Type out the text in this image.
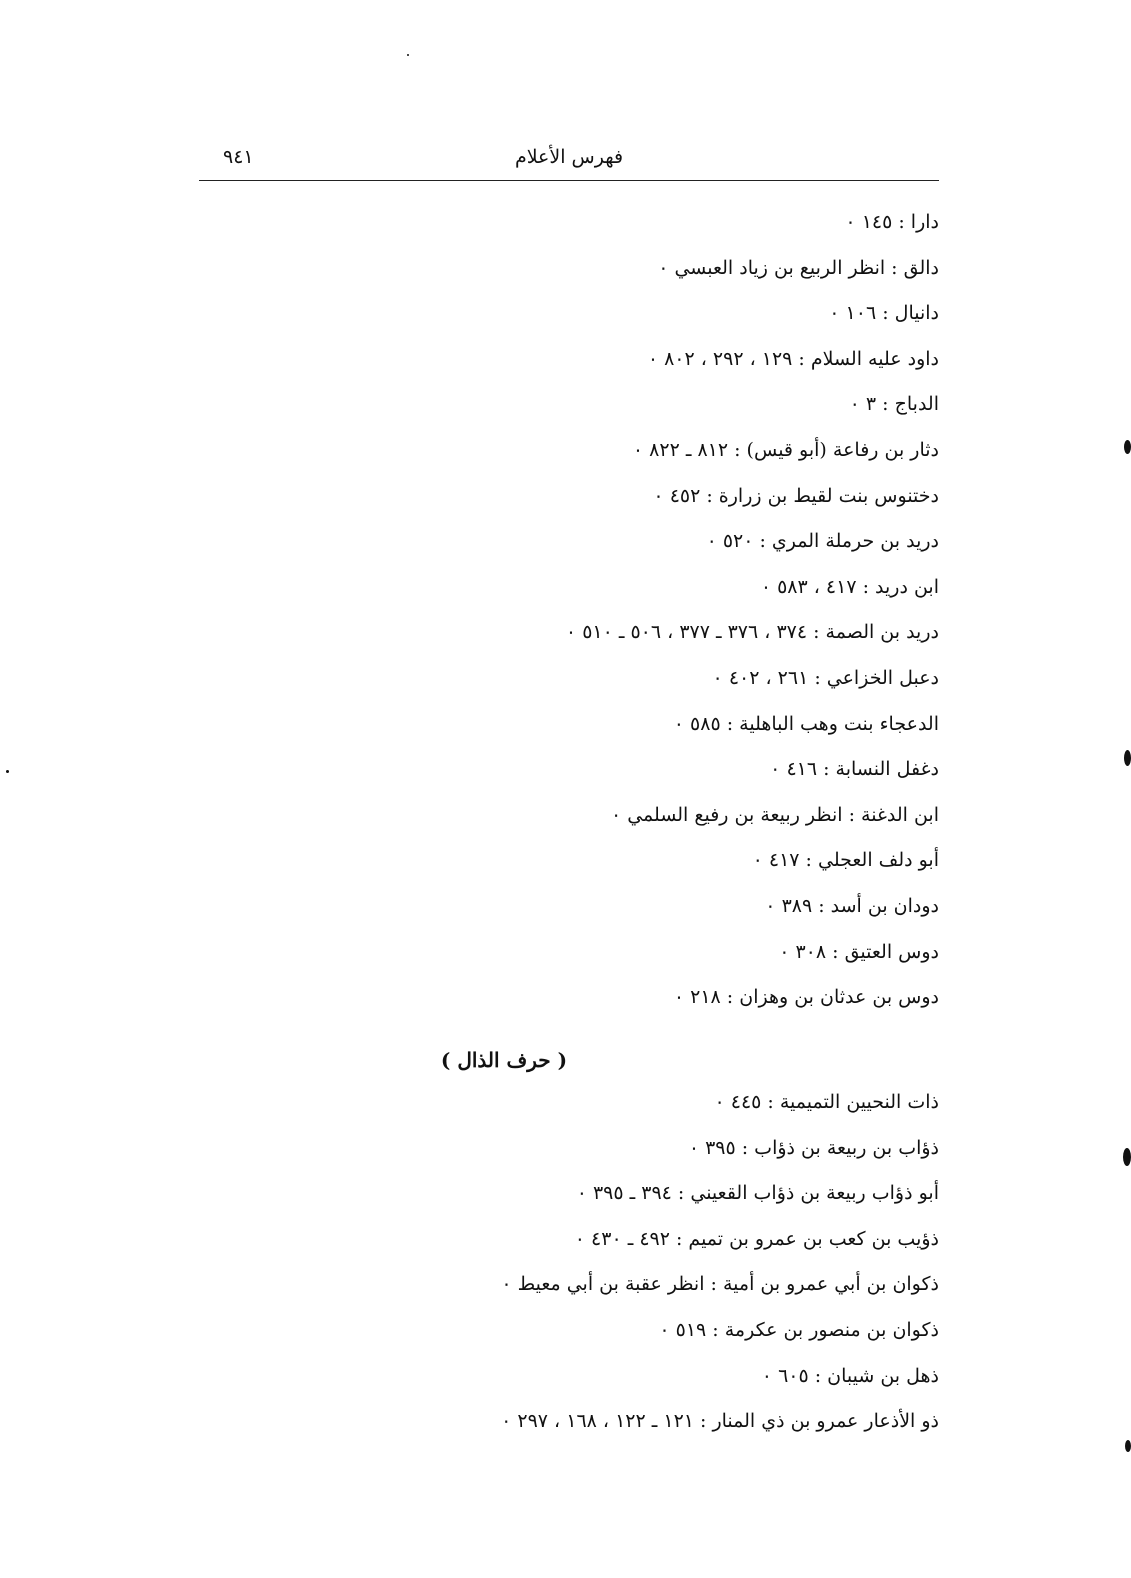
٩٤١	فهرس الأعلام
دارا : ١٤٥ ٠
دالق : انظر الربيع بن زياد العبسي ٠
دانيال : ١٠٦ ٠
داود عليه السلام : ١٢٩ ، ٢٩٢ ، ٨٠٢ ٠
الدباج : ٣ ٠
دثار بن رفاعة (أبو قيس) : ٨١٢ ـ ٨٢٢ ٠
دختنوس بنت لقيط بن زرارة : ٤٥٢ ٠
دريد بن حرملة المري : ٥٢٠ ٠
ابن دريد : ٤١٧ ، ٥٨٣ ٠
دريد بن الصمة : ٣٧٤ ، ٣٧٦ ـ ٣٧٧ ، ٥٠٦ ـ ٥١٠ ٠
دعبل الخزاعي : ٢٦١ ، ٤٠٢ ٠
الدعجاء بنت وهب الباهلية : ٥٨٥ ٠
دغفل النسابة : ٤١٦ ٠
ابن الدغنة : انظر ربيعة بن رفيع السلمي ٠
أبو دلف العجلي : ٤١٧ ٠
دودان بن أسد : ٣٨٩ ٠
دوس العتيق : ٣٠٨ ٠
دوس بن عدثان بن وهزان : ٢١٨ ٠
( حرف الذال )
ذات النحيين التميمية : ٤٤٥ ٠
ذؤاب بن ربيعة بن ذؤاب : ٣٩٥ ٠
أبو ذؤاب ربيعة بن ذؤاب القعيني : ٣٩٤ ـ ٣٩٥ ٠
ذؤيب بن كعب بن عمرو بن تميم : ٤٩٢ ـ ٤٣٠ ٠
ذكوان بن أبي عمرو بن أمية : انظر عقبة بن أبي معيط ٠
ذكوان بن منصور بن عكرمة : ٥١٩ ٠
ذهل بن شيبان : ٦٠٥ ٠
ذو الأذعار عمرو بن ذي المنار : ١٢١ ـ ١٢٢ ، ١٦٨ ، ٢٩٧ ٠
